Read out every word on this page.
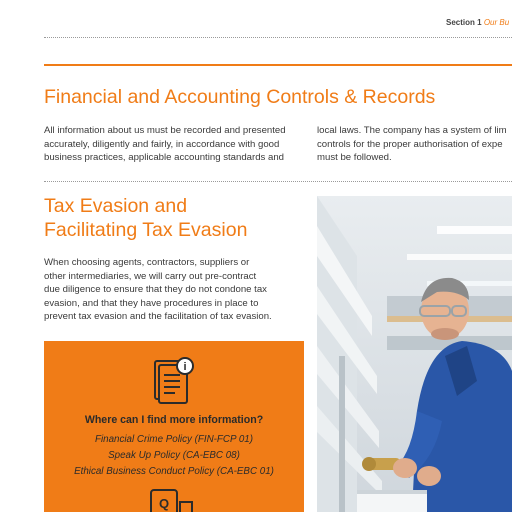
Section 1 Our Bu
Financial and Accounting Controls & Records

All information about us must be recorded and presented
accurately, diligently and fairly, in accordance with good
business practices, applicable accounting standards and

local laws. The company has a system of lim
controls for the proper authorisation of expe
must be followed.

Tax Evasion and
Facilitating Tax Evasion

When choosing agents, contractors, suppliers or
other intermediaries, we will carry out pre-contract
due diligence to ensure that they do not condone tax
evasion, and that they have procedures in place to
prevent tax evasion and the facilitation of tax evasion.

i

Where can I find more information?

Financial Crime Policy (FIN-FCP 01)

Speak Up Policy (CA-EBC 08)

Ethical Business Conduct Policy (CA-EBC 01)

Q
